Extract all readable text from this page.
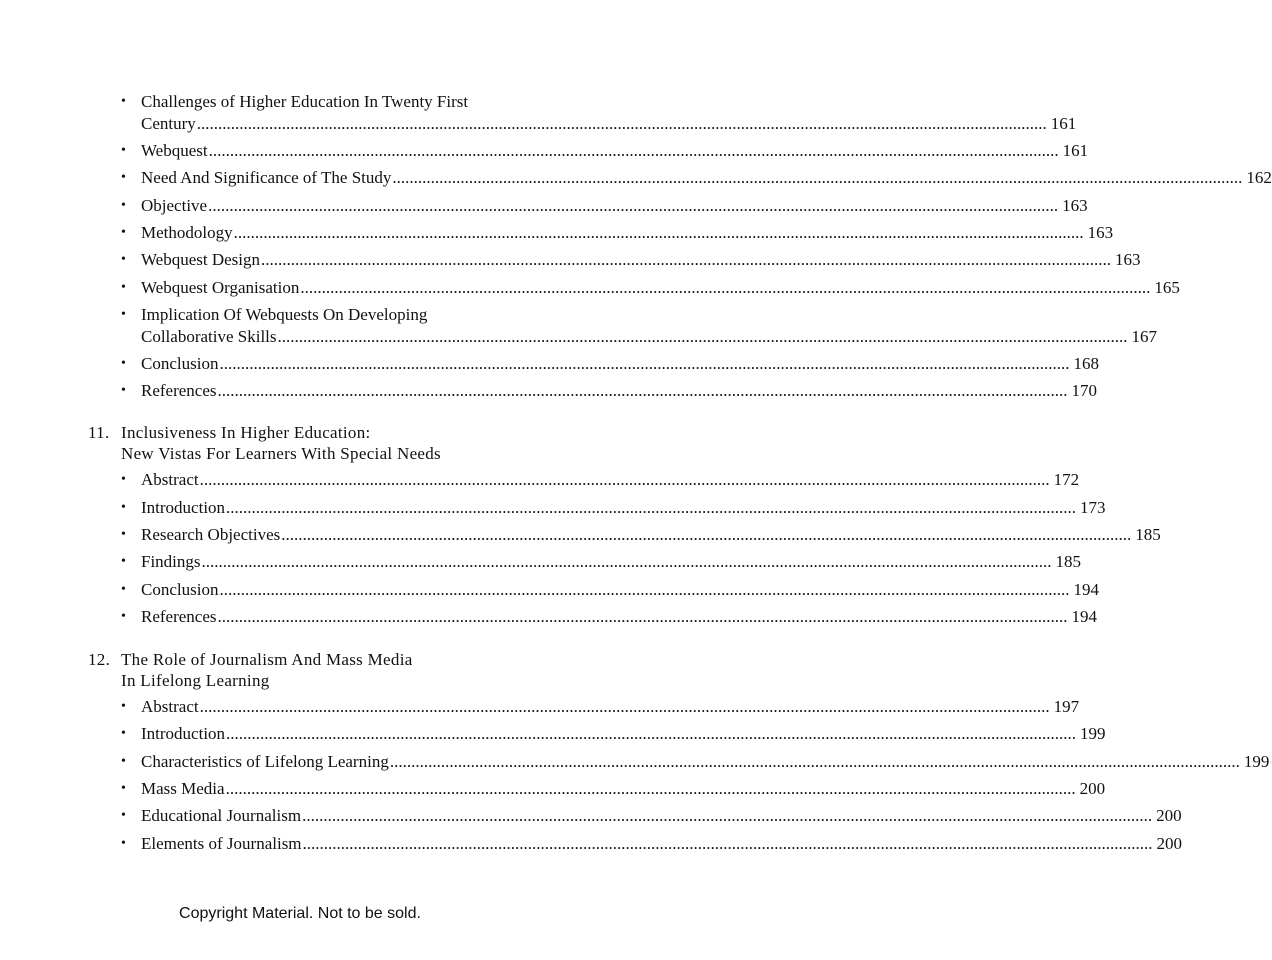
• Challenges of Higher Education In Twenty First
Century ........................................................................................................................................................................................................ 161
• Webquest ........................................................................................................................................................................................................ 161
• Need And Significance of The Study ........................................................................................................................................................................................................ 162
• Objective ........................................................................................................................................................................................................ 163
• Methodology ........................................................................................................................................................................................................ 163
• Webquest Design ........................................................................................................................................................................................................ 163
• Webquest Organisation ........................................................................................................................................................................................................ 165
• Implication Of Webquests On Developing
Collaborative Skills ........................................................................................................................................................................................................ 167
• Conclusion ........................................................................................................................................................................................................ 168
• References ........................................................................................................................................................................................................ 170
11. Inclusiveness In Higher Education:
New Vistas For Learners With Special Needs
• Abstract ........................................................................................................................................................................................................ 172
• Introduction ........................................................................................................................................................................................................ 173
• Research Objectives ........................................................................................................................................................................................................ 185
• Findings ........................................................................................................................................................................................................ 185
• Conclusion ........................................................................................................................................................................................................ 194
• References ........................................................................................................................................................................................................ 194
12. The Role of Journalism And Mass Media
In Lifelong Learning
• Abstract ........................................................................................................................................................................................................ 197
• Introduction ........................................................................................................................................................................................................ 199
• Characteristics of Lifelong Learning ........................................................................................................................................................................................................ 199
• Mass Media ........................................................................................................................................................................................................ 200
• Educational Journalism ........................................................................................................................................................................................................ 200
• Elements of Journalism ........................................................................................................................................................................................................ 200
Copyright Material. Not to be sold.
